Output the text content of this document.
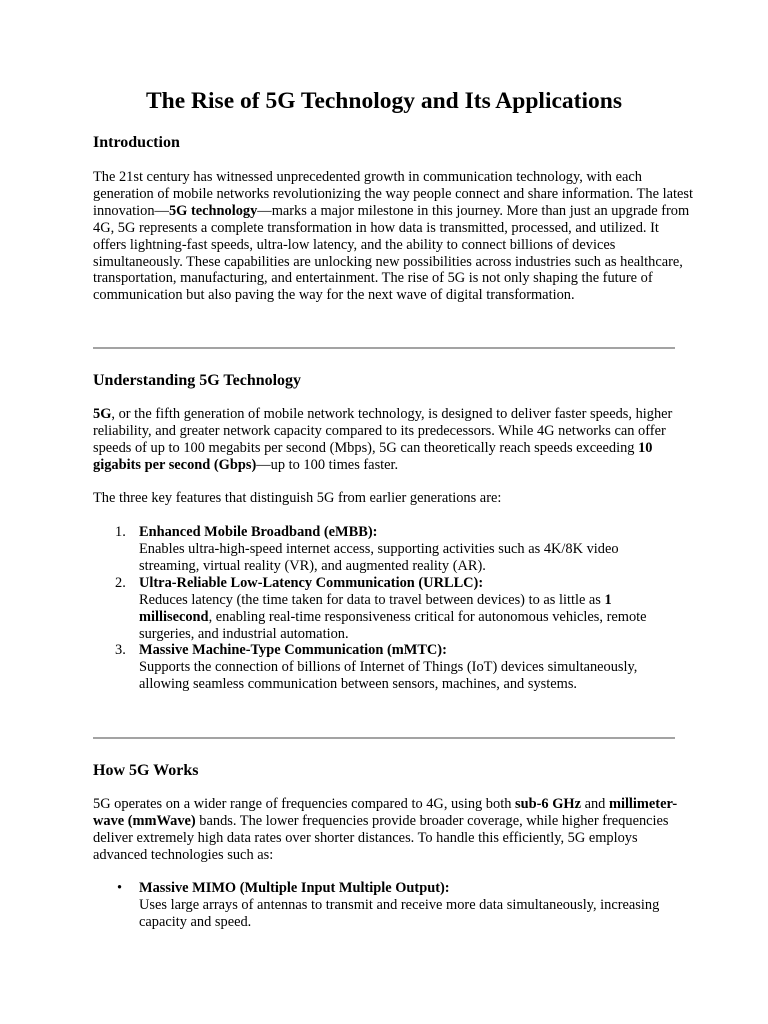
The Rise of 5G Technology and Its Applications
Introduction

The 21st century has witnessed unprecedented growth in communication technology, with each generation of mobile networks revolutionizing the way people connect and share information. The latest innovation—5G technology—marks a major milestone in this journey. More than just an upgrade from 4G, 5G represents a complete transformation in how data is transmitted, processed, and utilized. It offers lightning-fast speeds, ultra-low latency, and the ability to connect billions of devices simultaneously. These capabilities are unlocking new possibilities across industries such as healthcare, transportation, manufacturing, and entertainment. The rise of 5G is not only shaping the future of communication but also paving the way for the next wave of digital transformation.

Understanding 5G Technology

5G, or the fifth generation of mobile network technology, is designed to deliver faster speeds, higher reliability, and greater network capacity compared to its predecessors. While 4G networks can offer speeds of up to 100 megabits per second (Mbps), 5G can theoretically reach speeds exceeding 10 gigabits per second (Gbps)—up to 100 times faster.

The three key features that distinguish 5G from earlier generations are:

1. Enhanced Mobile Broadband (eMBB):
Enables ultra-high-speed internet access, supporting activities such as 4K/8K video streaming, virtual reality (VR), and augmented reality (AR).
2. Ultra-Reliable Low-Latency Communication (URLLC):
Reduces latency (the time taken for data to travel between devices) to as little as 1 millisecond, enabling real-time responsiveness critical for autonomous vehicles, remote surgeries, and industrial automation.
3. Massive Machine-Type Communication (mMTC):
Supports the connection of billions of Internet of Things (IoT) devices simultaneously, allowing seamless communication between sensors, machines, and systems.
How 5G Works

5G operates on a wider range of frequencies compared to 4G, using both sub-6 GHz and millimeter-wave (mmWave) bands. The lower frequencies provide broader coverage, while higher frequencies deliver extremely high data rates over shorter distances. To handle this efficiently, 5G employs advanced technologies such as:

• Massive MIMO (Multiple Input Multiple Output):
Uses large arrays of antennas to transmit and receive more data simultaneously, increasing capacity and speed.
